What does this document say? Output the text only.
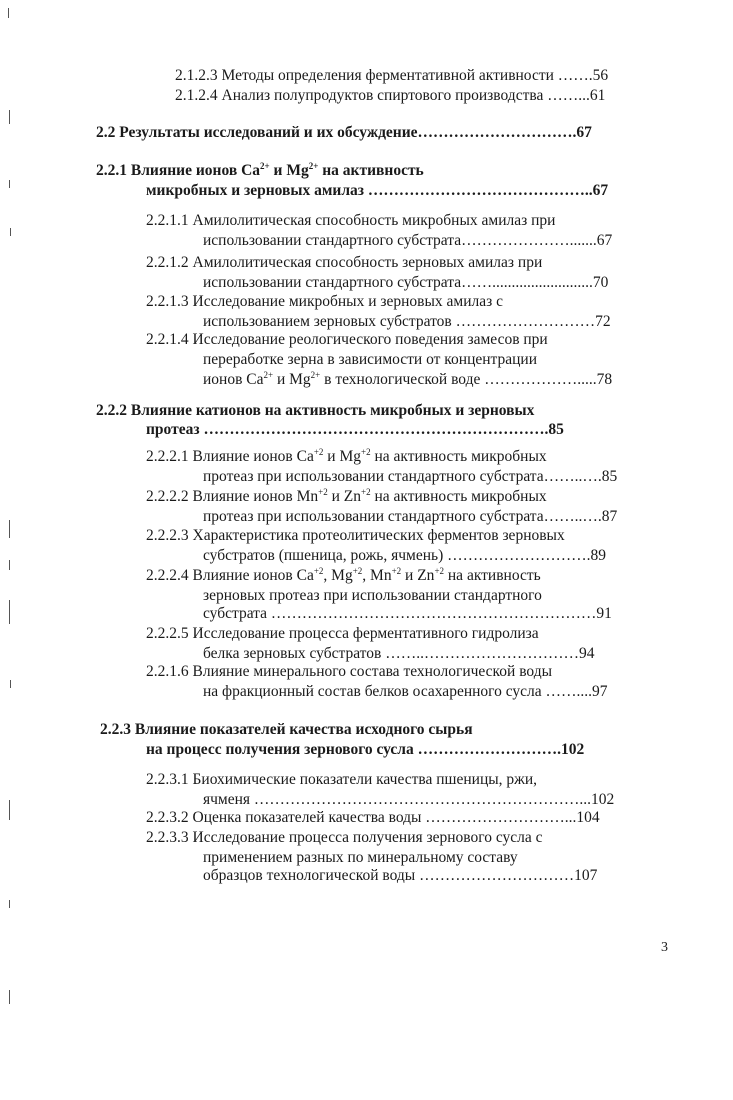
2.1.2.3 Методы определения ферментативной активности …….56
2.1.2.4 Анализ полупродуктов спиртового производства ……...61
2.2 Результаты исследований и их обсуждение………………………….67
2.2.1 Влияние ионов $Ca^{2+}$ и $Mg^{2+}$ на активность
микробных и зерновых амилаз ……………………………………..67
2.2.1.1 Амилолитическая способность микробных амилаз при
использовании стандартного субстрата………………….......67
2.2.1.2 Амилолитическая способность зерновых амилаз при
использовании стандартного субстрата……..........................70
2.2.1.3 Исследование микробных и зерновых амилаз с
использованием зерновых субстратов ………………………72
2.2.1.4 Исследование реологического поведения замесов при
переработке зерна в зависимости от концентрации
ионов $Ca^{2+}$ и $Mg^{2+}$ в технологической воде ……………….....78
2.2.2 Влияние катионов на активность микробных и зерновых
протеаз ………………………………………………………….85
2.2.2.1 Влияние ионов $Ca^{+2}$ и $Mg^{+2}$ на активность микробных
протеаз при использовании стандартного субстрата……..….85
2.2.2.2 Влияние ионов $Mn^{+2}$ и $Zn^{+2}$ на активность микробных
протеаз при использовании стандартного субстрата……..….87
2.2.2.3 Характеристика протеолитических ферментов зерновых
субстратов (пшеница, рожь, ячмень) ……………………….89
2.2.2.4 Влияние ионов $Ca^{+2}$, $Mg^{+2}$, $Mn^{+2}$ и $Zn^{+2}$ на активность
зерновых протеаз при использовании стандартного
субстрата ………………………………………………………91
2.2.2.5 Исследование процесса ферментативного гидролиза
белка зерновых субстратов ……..…………………………94
2.2.1.6 Влияние минерального состава технологической воды
на фракционный состав белков осахаренного сусла ……....97
2.2.3 Влияние показателей качества исходного сырья
на процесс получения зернового сусла ……………………….102
2.2.3.1 Биохимические показатели качества пшеницы, ржи,
ячменя ………………………………………………………...102
2.2.3.2 Оценка показателей качества воды ………………………...104
2.2.3.3 Исследование процесса получения зернового сусла с
применением разных по минеральному составу
образцов технологической воды …………………………107
3
